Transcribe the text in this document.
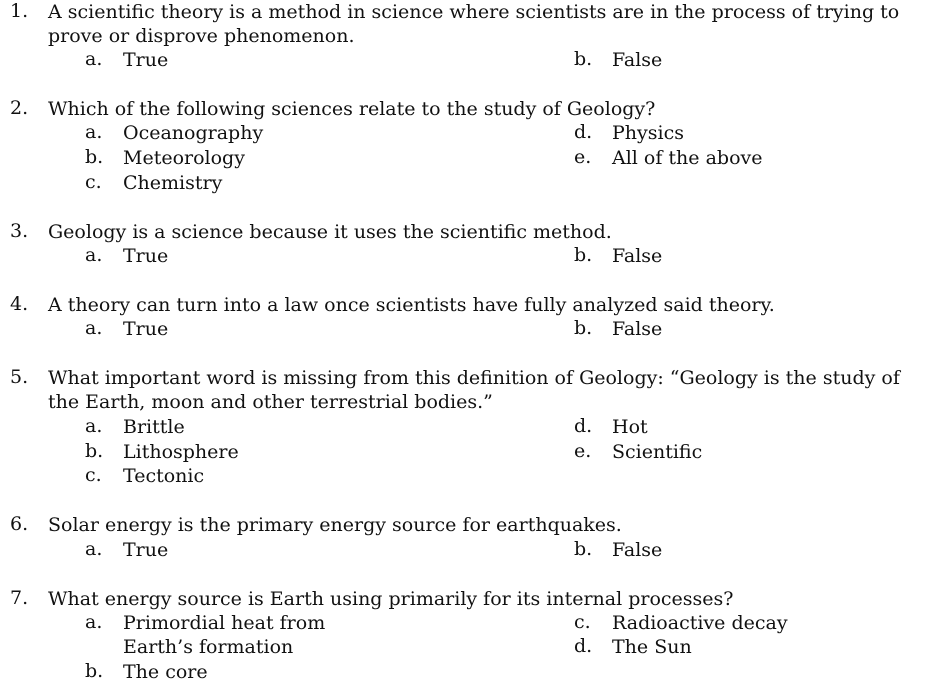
1. A scientific theory is a method in science where scientists are in the process of trying to prove or disprove phenomenon.
a.	True	b.	False
2. Which of the following sciences relate to the study of Geology?
a.	Oceanography
b.	Meteorology
c.	Chemistry
d.	Physics
e.	All of the above
3. Geology is a science because it uses the scientific method.
a.	True	b.	False
4. A theory can turn into a law once scientists have fully analyzed said theory.
a.	True	b.	False
5. What important word is missing from this definition of Geology: “Geology is the study of the Earth, moon and other terrestrial bodies.”
a.	Brittle
b.	Lithosphere
c.	Tectonic
d.	Hot
e.	Scientific
6. Solar energy is the primary energy source for earthquakes.
a.	True	b.	False
7. What energy source is Earth using primarily for its internal processes?
a.	Primordial heat from Earth’s formation
b.	The core
c.	Radioactive decay
d.	The Sun
